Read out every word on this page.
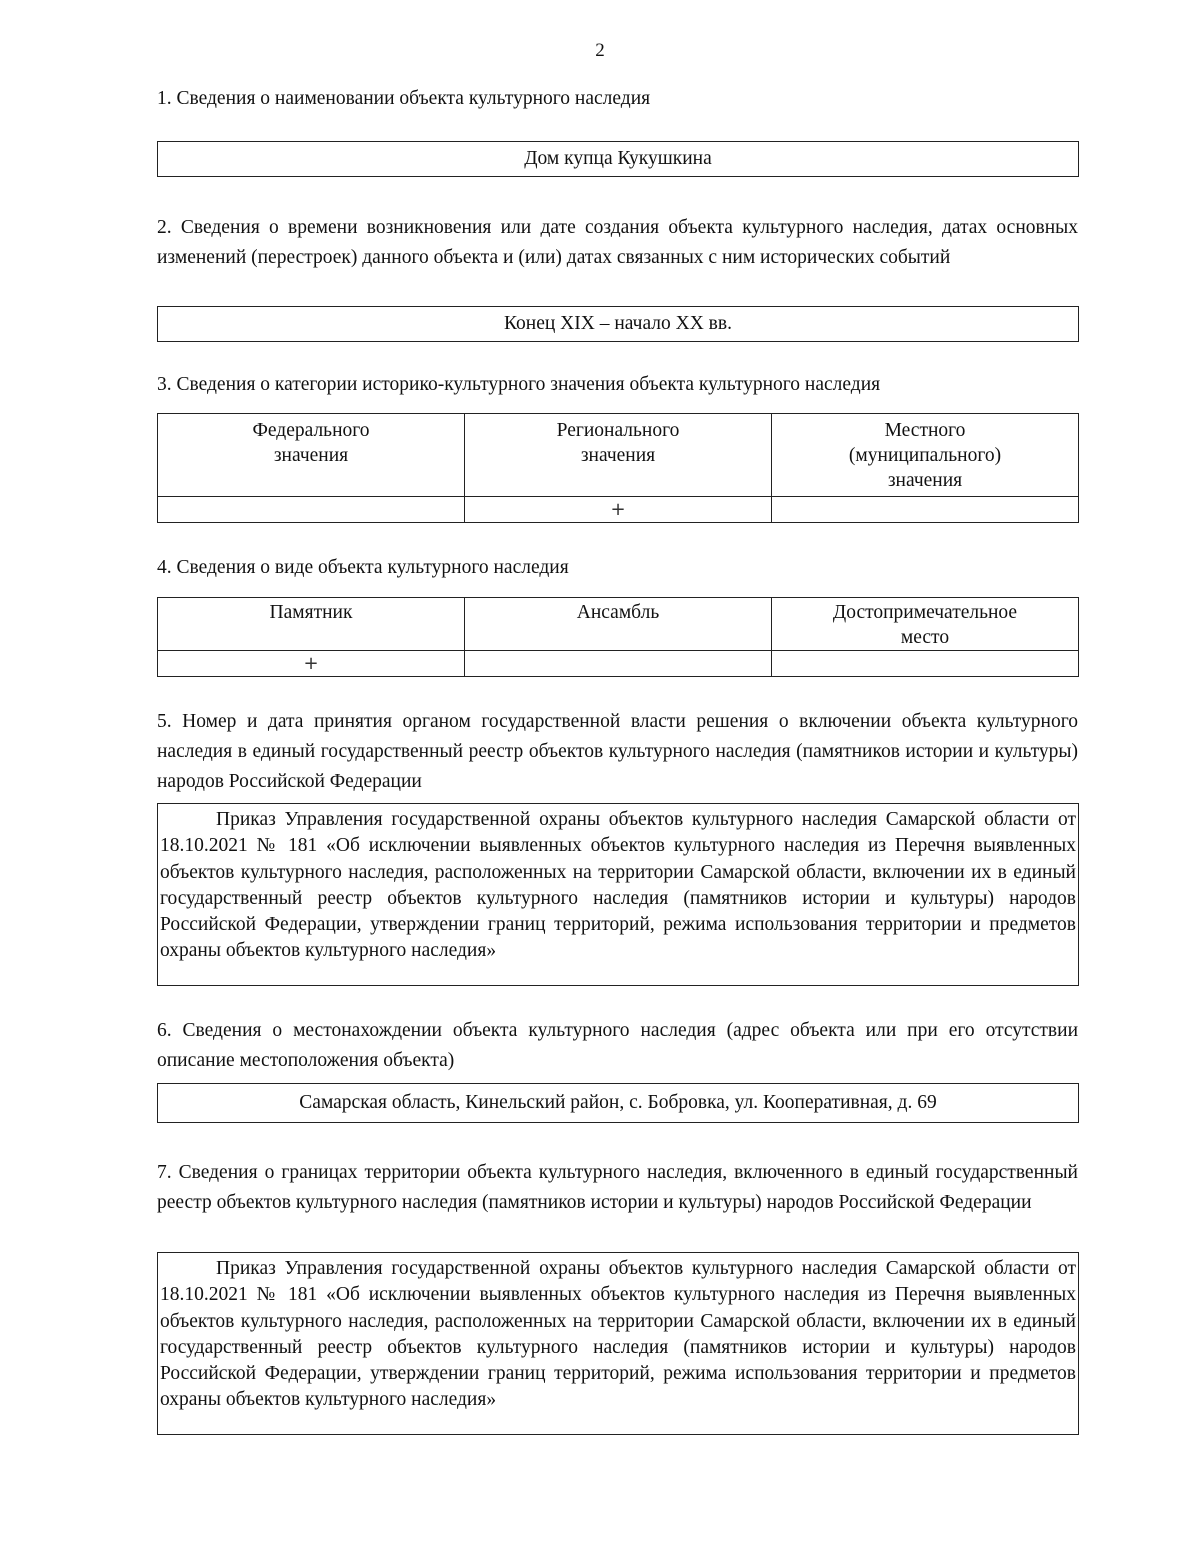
2

1. Сведения о наименовании объекта культурного наследия

Дом купца Кукушкина

2. Сведения о времени возникновения или дате создания объекта культурного наследия, датах основных изменений (перестроек) данного объекта и (или) датах связанных с ним исторических событий

Конец XIX – начало XX вв.

3. Сведения о категории историко-культурного значения объекта культурного наследия

Федерального значения	Регионального значения	Местного (муниципального) значения

	+	

4. Сведения о виде объекта культурного наследия

Памятник	Ансамбль	Достопримечательное место

+		

5. Номер и дата принятия органом государственной власти решения о включении объекта культурного наследия в единый государственный реестр объектов культурного наследия (памятников истории и культуры) народов Российской Федерации

Приказ Управления государственной охраны объектов культурного наследия Самарской области от 18.10.2021 № 181 «Об исключении выявленных объектов культурного наследия из Перечня выявленных объектов культурного наследия, расположенных на территории Самарской области, включении их в единый государственный реестр объектов культурного наследия (памятников истории и культуры) народов Российской Федерации, утверждении границ территорий, режима использования территории и предметов охраны объектов культурного наследия»

6. Сведения о местонахождении объекта культурного наследия (адрес объекта или при его отсутствии описание местоположения объекта)

Самарская область, Кинельский район, с. Бобровка, ул. Кооперативная, д. 69

7. Сведения о границах территории объекта культурного наследия, включенного в единый государственный реестр объектов культурного наследия (памятников истории и культуры) народов Российской Федерации

Приказ Управления государственной охраны объектов культурного наследия Самарской области от 18.10.2021 № 181 «Об исключении выявленных объектов культурного наследия из Перечня выявленных объектов культурного наследия, расположенных на территории Самарской области, включении их в единый государственный реестр объектов культурного наследия (памятников истории и культуры) народов Российской Федерации, утверждении границ территорий, режима использования территории и предметов охраны объектов культурного наследия»
